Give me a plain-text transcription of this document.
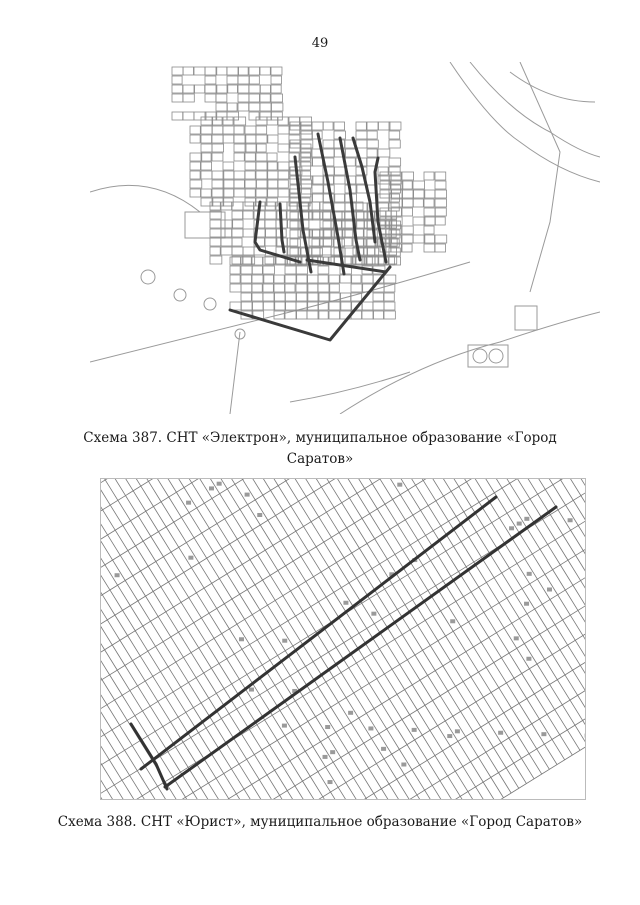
49
Схема 387. СНТ «Электрон», муниципальное образование «Город Саратов»
Схема 388. СНТ «Юрист», муниципальное образование «Город Саратов»
